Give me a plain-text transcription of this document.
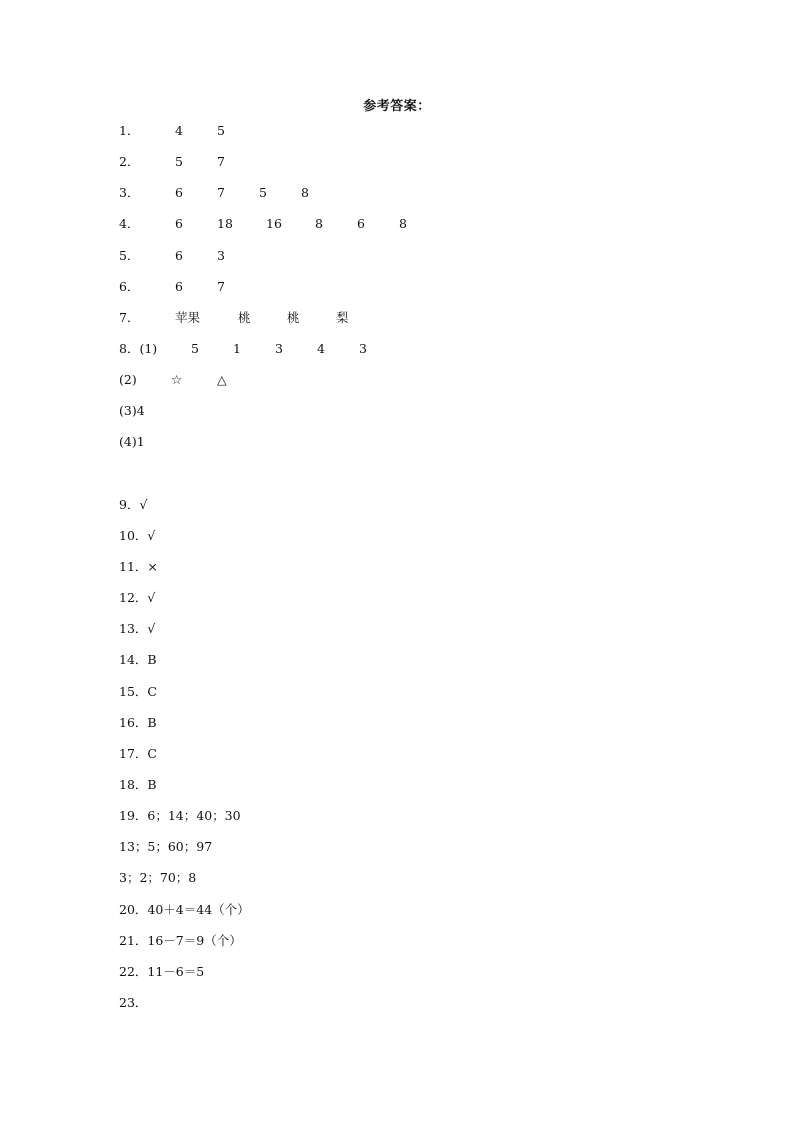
参考答案：
1．	4	5
2．	5	7
3．	6	7	5	8
4．	6	18	16	8	6	8
5．	6	3
6．	6	7
7．	苹果	桃	桃	梨
8．(1)	5	1	3	4	3
(2)	☆	△
(3)4
(4)1
9．√
10．√
11．×
12．√
13．√
14．B
15．C
16．B
17．C
18．B
19．6；14；40；30
13；5；60；97
3；2；70；8
20．40＋4＝44（个）
21．16－7＝9（个）
22．11－6＝5
23．
